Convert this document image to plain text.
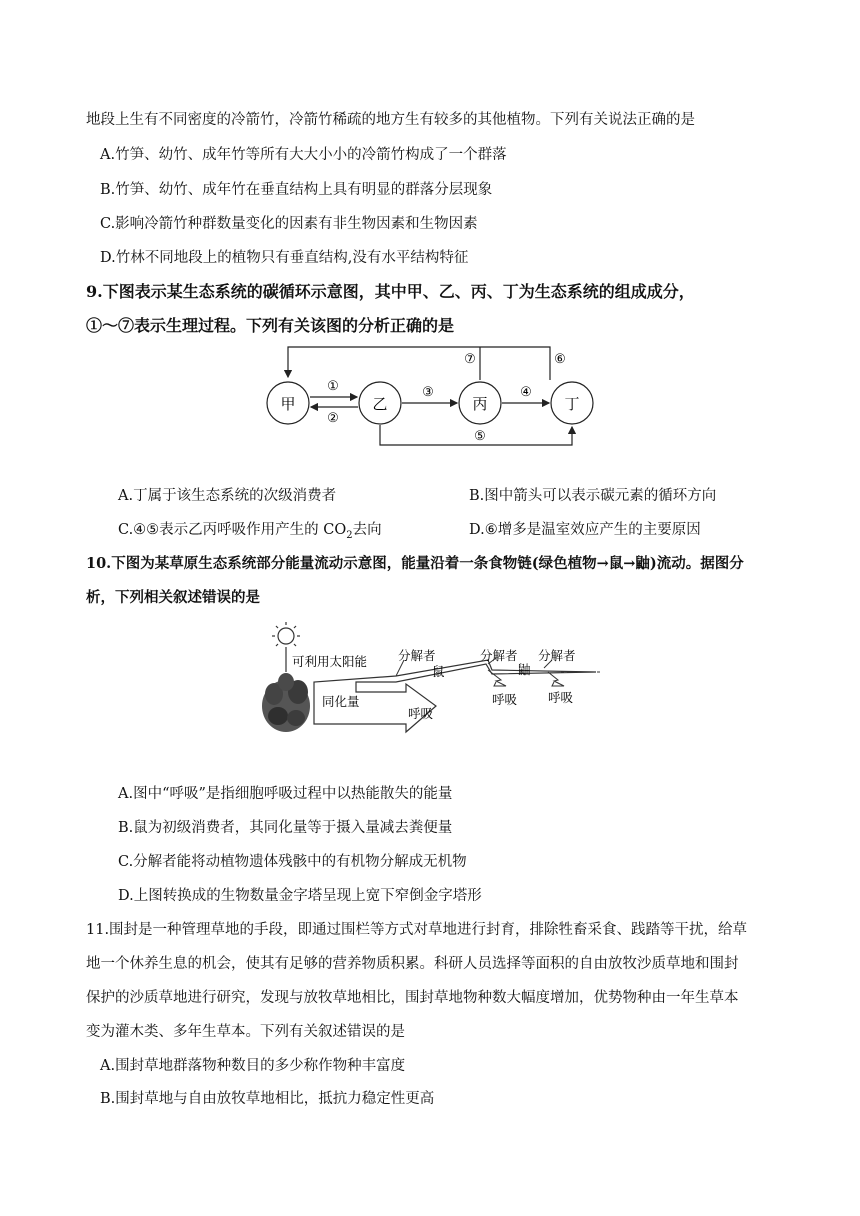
地段上生有不同密度的冷箭竹，冷箭竹稀疏的地方生有较多的其他植物。下列有关说法正确的是
A.竹笋、幼竹、成年竹等所有大大小小的冷箭竹构成了一个群落
B.竹笋、幼竹、成年竹在垂直结构上具有明显的群落分层现象
C.影响冷箭竹种群数量变化的因素有非生物因素和生物因素
D.竹林不同地段上的植物只有垂直结构,没有水平结构特征
9.下图表示某生态系统的碳循环示意图，其中甲、乙、丙、丁为生态系统的组成成分，
①～⑦表示生理过程。下列有关该图的分析正确的是
甲	乙	丙	丁
①
②
③	④
⑤
⑥
⑦
A.丁属于该生态系统的次级消费者	B.图中箭头可以表示碳元素的循环方向
C.④⑤表示乙丙呼吸作用产生的 $CO_2$去向	D.⑥增多是温室效应产生的主要原因
10.下图为某草原生态系统部分能量流动示意图，能量沿着一条食物链(绿色植物→鼠→鼬)流动。据图分
析，下列相关叙述错误的是
可利用太阳能 分解者	分解者 分解者
鼠	鼬
同化量
呼吸
呼吸 呼吸
A.图中“呼吸”是指细胞呼吸过程中以热能散失的能量
B.鼠为初级消费者，其同化量等于摄入量减去粪便量
C.分解者能将动植物遗体残骸中的有机物分解成无机物
D.上图转换成的生物数量金字塔呈现上宽下窄倒金字塔形
11.围封是一种管理草地的手段，即通过围栏等方式对草地进行封育，排除牲畜采食、践踏等干扰，给草
地一个休养生息的机会，使其有足够的营养物质积累。科研人员选择等面积的自由放牧沙质草地和围封
保护的沙质草地进行研究，发现与放牧草地相比，围封草地物种数大幅度增加，优势物种由一年生草本
变为灌木类、多年生草本。下列有关叙述错误的是
A.围封草地群落物种数目的多少称作物种丰富度
B.围封草地与自由放牧草地相比，抵抗力稳定性更高
